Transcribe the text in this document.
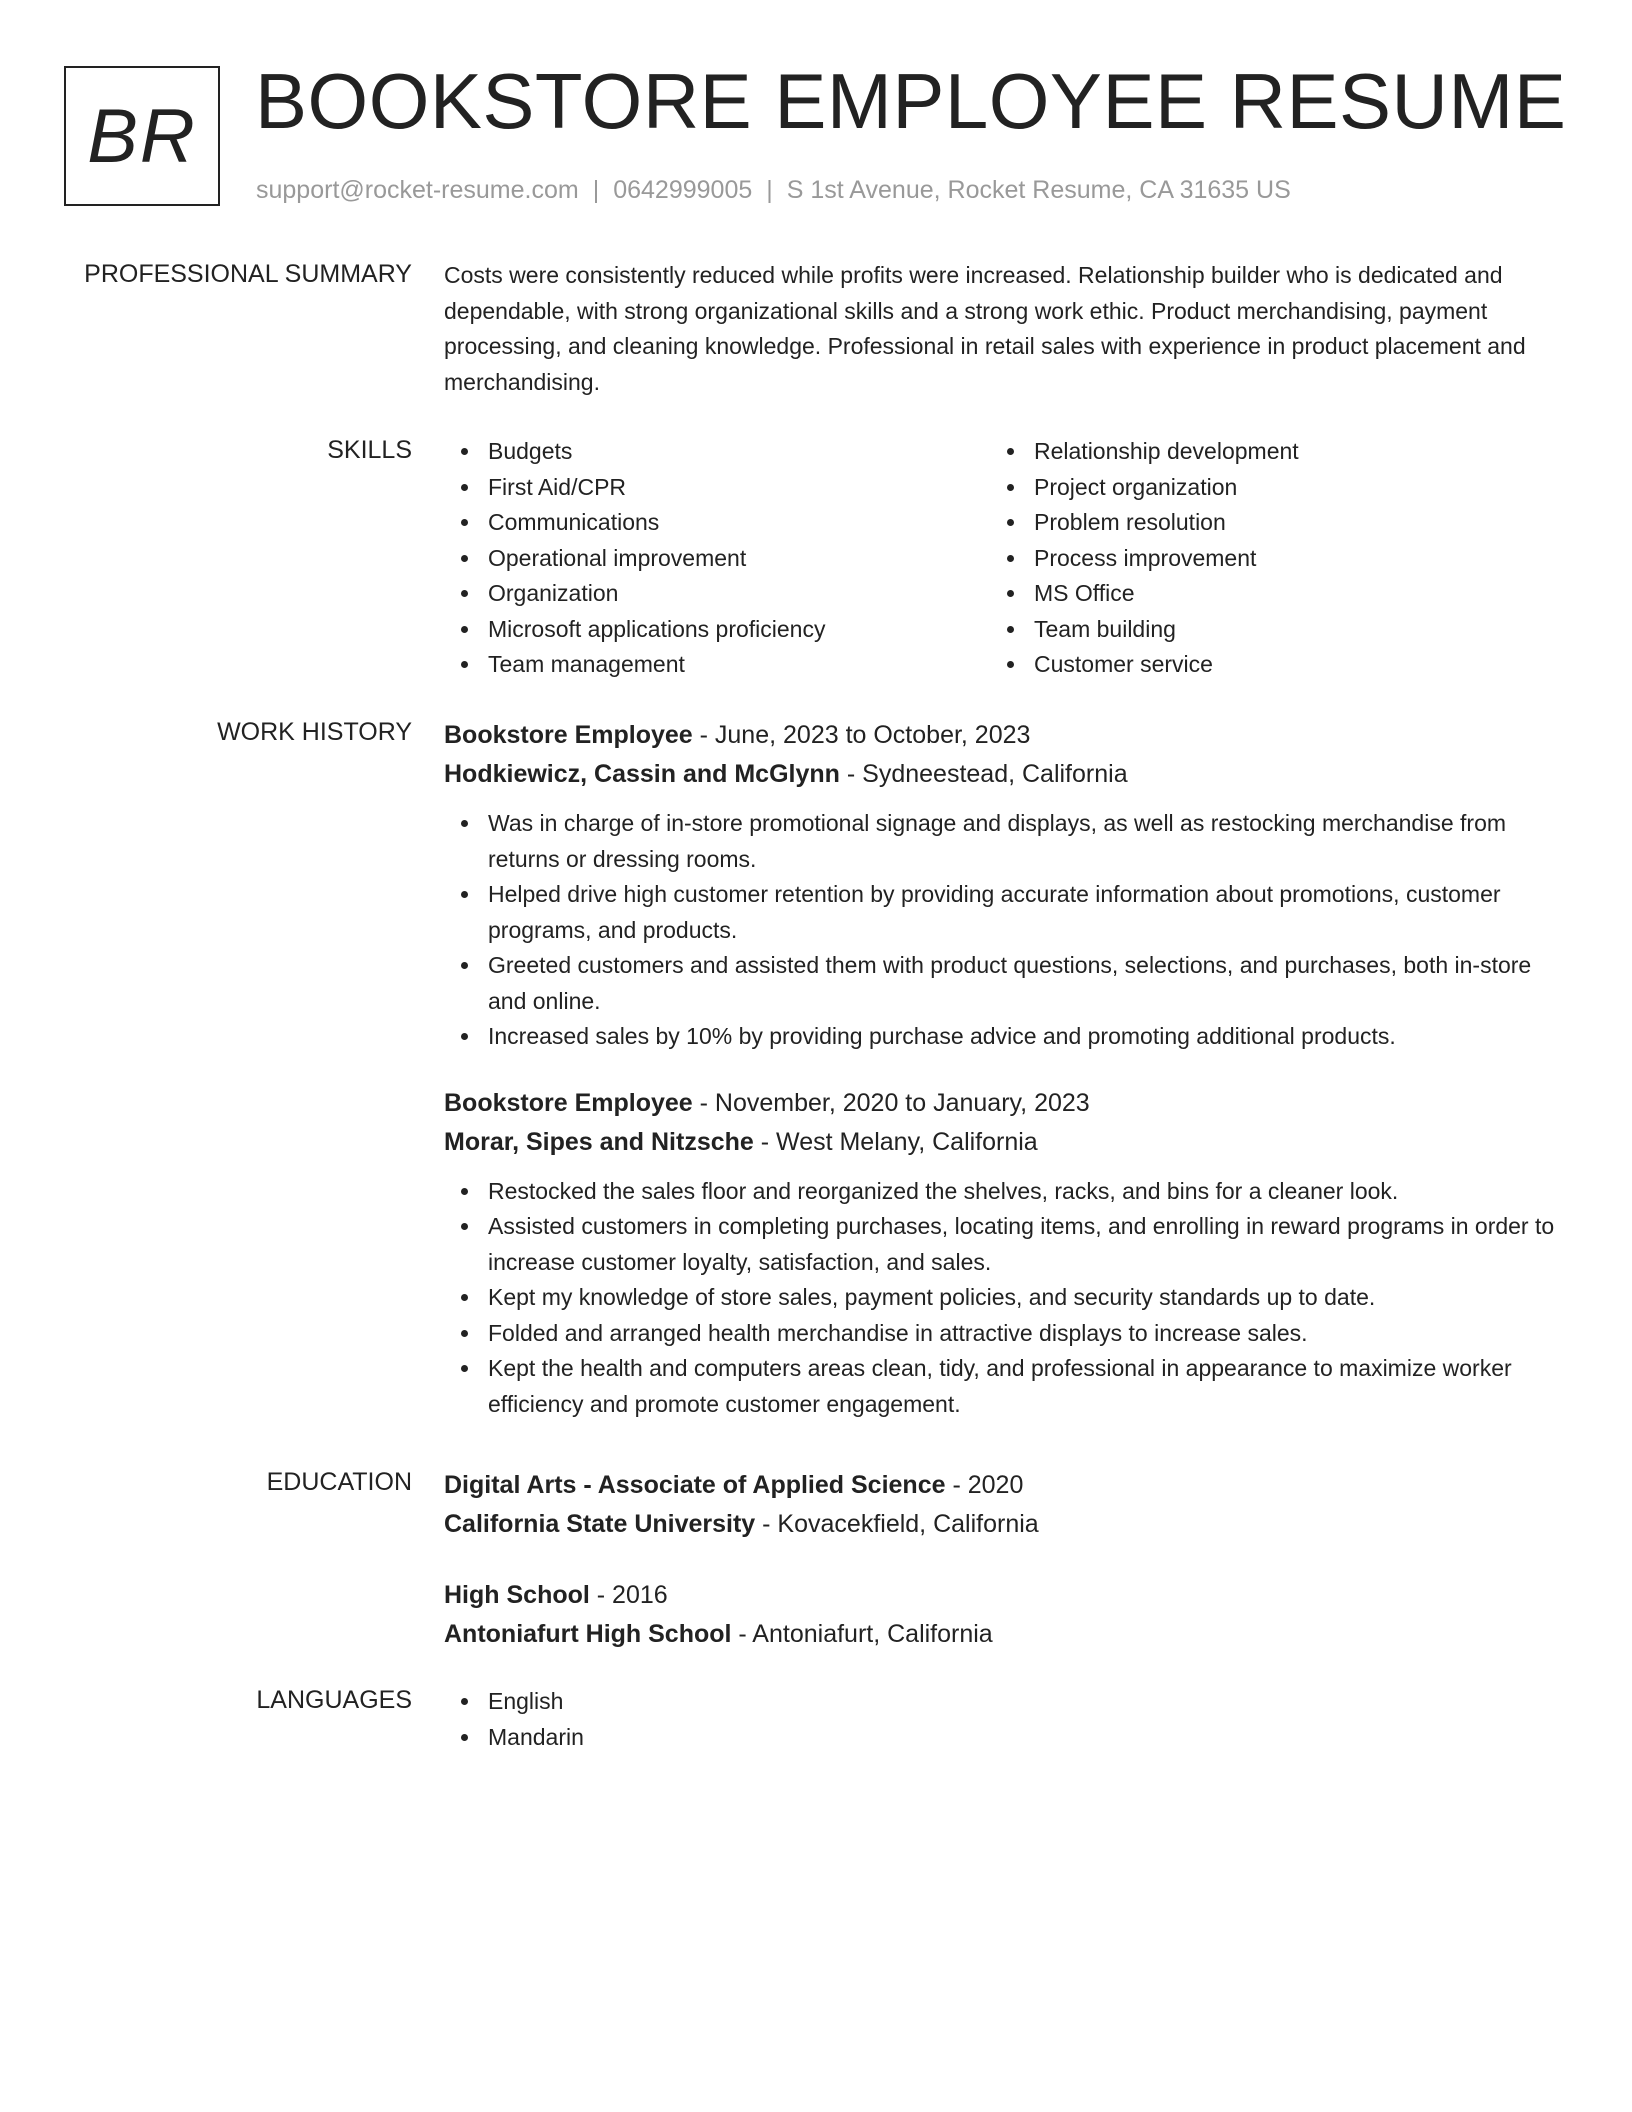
BR BOOKSTORE EMPLOYEE RESUME
support@rocket-resume.com | 0642999005 | S 1st Avenue, Rocket Resume, CA 31635 US
PROFESSIONAL SUMMARY Costs were consistently reduced while profits were increased. Relationship builder who is dedicated and dependable, with strong organizational skills and a strong work ethic. Product merchandising, payment processing, and cleaning knowledge. Professional in retail sales with experience in product placement and merchandising.

SKILLS	Budgets
First Aid/CPR
Communications
Operational improvement
Organization
Microsoft applications proficiency
Team management
Relationship development
Project organization
Problem resolution
Process improvement
MS Office
Team building
Customer service
WORK HISTORY Bookstore Employee - June, 2023 to October, 2023
Hodkiewicz, Cassin and McGlynn - Sydneestead, California
Was in charge of in-store promotional signage and displays, as well as restocking merchandise from returns or dressing rooms.
Helped drive high customer retention by providing accurate information about promotions, customer programs, and products.
Greeted customers and assisted them with product questions, selections, and purchases, both in-store and online.
Increased sales by 10% by providing purchase advice and promoting additional products.
Bookstore Employee - November, 2020 to January, 2023
Morar, Sipes and Nitzsche - West Melany, California
Restocked the sales floor and reorganized the shelves, racks, and bins for a cleaner look.
Assisted customers in completing purchases, locating items, and enrolling in reward programs in order to increase customer loyalty, satisfaction, and sales.
Kept my knowledge of store sales, payment policies, and security standards up to date.
Folded and arranged health merchandise in attractive displays to increase sales.
Kept the health and computers areas clean, tidy, and professional in appearance to maximize worker efficiency and promote customer engagement.
EDUCATION Digital Arts - Associate of Applied Science - 2020
California State University - Kovacekfield, California
High School - 2016
Antoniafurt High School - Antoniafurt, California
LANGUAGES	English
Mandarin
